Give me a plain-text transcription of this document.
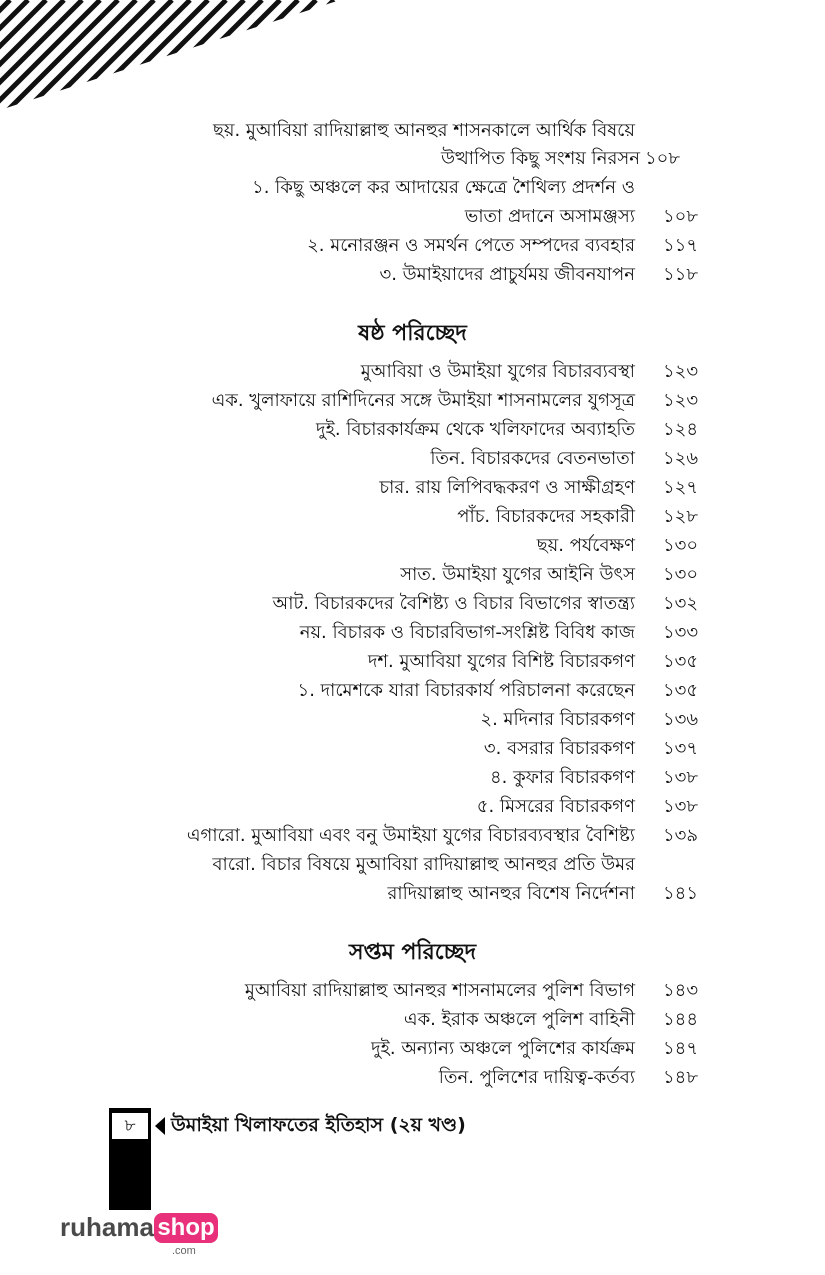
ছয়. মুআবিয়া রাদিয়াল্লাহু আনহুর শাসনকালে আর্থিক বিষয়ে
উত্থাপিত কিছু সংশয় নিরসন ১০৮
১. কিছু অঞ্চলে কর আদায়ের ক্ষেত্রে শৈথিল্য প্রদর্শন ও
ভাতা প্রদানে অসামঞ্জস্য ১০৮
২. মনোরঞ্জন ও সমর্থন পেতে সম্পদের ব্যবহার ১১৭
৩. উমাইয়াদের প্রাচুর্যময় জীবনযাপন ১১৮
ষষ্ঠ পরিচ্ছেদ
মুআবিয়া ও উমাইয়া যুগের বিচারব্যবস্থা ১২৩
এক. খুলাফায়ে রাশিদিনের সঙ্গে উমাইয়া শাসনামলের যুগসূত্র ১২৩
দুই. বিচারকার্যক্রম থেকে খলিফাদের অব্যাহতি ১২৪
তিন. বিচারকদের বেতনভাতা ১২৬
চার. রায় লিপিবদ্ধকরণ ও সাক্ষীগ্রহণ ১২৭
পাঁচ. বিচারকদের সহকারী ১২৮
ছয়. পর্যবেক্ষণ ১৩০
সাত. উমাইয়া যুগের আইনি উৎস ১৩০
আট. বিচারকদের বৈশিষ্ট্য ও বিচার বিভাগের স্বাতন্ত্র্য ১৩২
নয়. বিচারক ও বিচারবিভাগ-সংশ্লিষ্ট বিবিধ কাজ ১৩৩
দশ. মুআবিয়া যুগের বিশিষ্ট বিচারকগণ ১৩৫
১. দামেশকে যারা বিচারকার্য পরিচালনা করেছেন ১৩৫
২. মদিনার বিচারকগণ ১৩৬
৩. বসরার বিচারকগণ ১৩৭
৪. কুফার বিচারকগণ ১৩৮
৫. মিসরের বিচারকগণ ১৩৮
এগারো. মুআবিয়া এবং বনু উমাইয়া যুগের বিচারব্যবস্থার বৈশিষ্ট্য ১৩৯
বারো. বিচার বিষয়ে মুআবিয়া রাদিয়াল্লাহু আনহুর প্রতি উমর
রাদিয়াল্লাহু আনহুর বিশেষ নির্দেশনা ১৪১
সপ্তম পরিচ্ছেদ
মুআবিয়া রাদিয়াল্লাহু আনহুর শাসনামলের পুলিশ বিভাগ ১৪৩
এক. ইরাক অঞ্চলে পুলিশ বাহিনী ১৪৪
দুই. অন্যান্য অঞ্চলে পুলিশের কার্যক্রম ১৪৭
তিন. পুলিশের দায়িত্ব-কর্তব্য ১৪৮
৮	উমাইয়া খিলাফতের ইতিহাস (২য় খণ্ড)
ruhama shop
.com
